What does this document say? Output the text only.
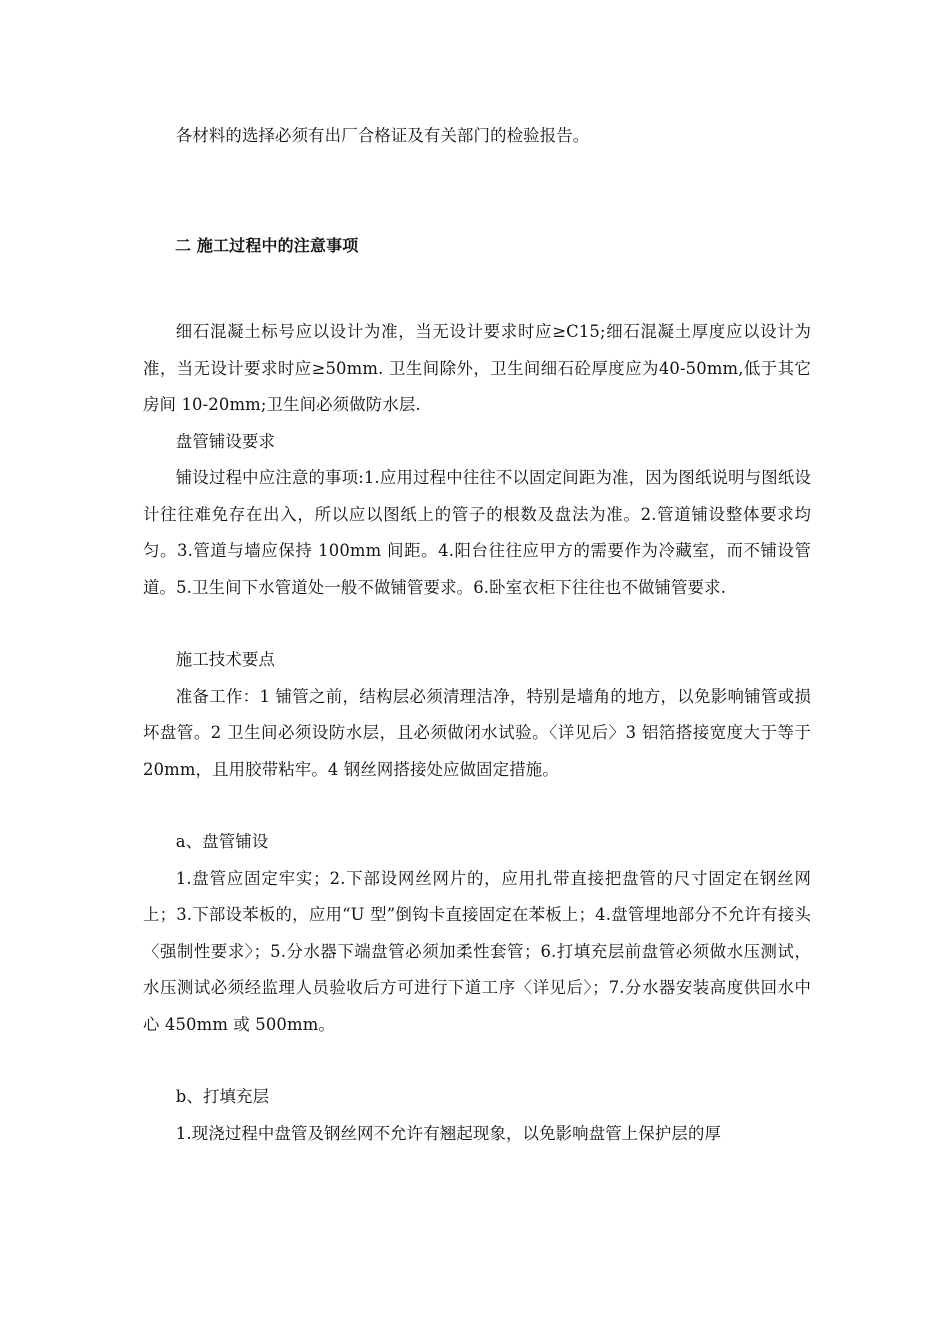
各材料的选择必须有出厂合格证及有关部门的检验报告。

二 施工过程中的注意事项

细石混凝土标号应以设计为准，当无设计要求时应≥C15;细石混凝土厚度应以设计为准，当无设计要求时应≥50mm. 卫生间除外，卫生间细石砼厚度应为40-50mm,低于其它房间 10-20mm;卫生间必须做防水层.

盘管铺设要求

铺设过程中应注意的事项:1.应用过程中往往不以固定间距为准，因为图纸说明与图纸设计往往难免存在出入，所以应以图纸上的管子的根数及盘法为准。2.管道铺设整体要求均匀。3.管道与墙应保持 100mm 间距。4.阳台往往应甲方的需要作为冷藏室，而不铺设管道。5.卫生间下水管道处一般不做铺管要求。6.卧室衣柜下往往也不做铺管要求.

施工技术要点

准备工作：1 铺管之前，结构层必须清理洁净，特别是墙角的地方，以免影响铺管或损坏盘管。2 卫生间必须设防水层，且必须做闭水试验。〈详见后〉3 铝箔搭接宽度大于等于 20mm，且用胶带粘牢。4 钢丝网搭接处应做固定措施。

a、盘管铺设

1.盘管应固定牢实；2.下部设网丝网片的，应用扎带直接把盘管的尺寸固定在钢丝网上；3.下部设苯板的，应用“U 型”倒钩卡直接固定在苯板上；4.盘管埋地部分不允许有接头〈强制性要求〉；5.分水器下端盘管必须加柔性套管；6.打填充层前盘管必须做水压测试，水压测试必须经监理人员验收后方可进行下道工序〈详见后〉；7.分水器安装高度供回水中心 450mm 或 500mm。

b、打填充层

1.现浇过程中盘管及钢丝网不允许有翘起现象，以免影响盘管上保护层的厚
